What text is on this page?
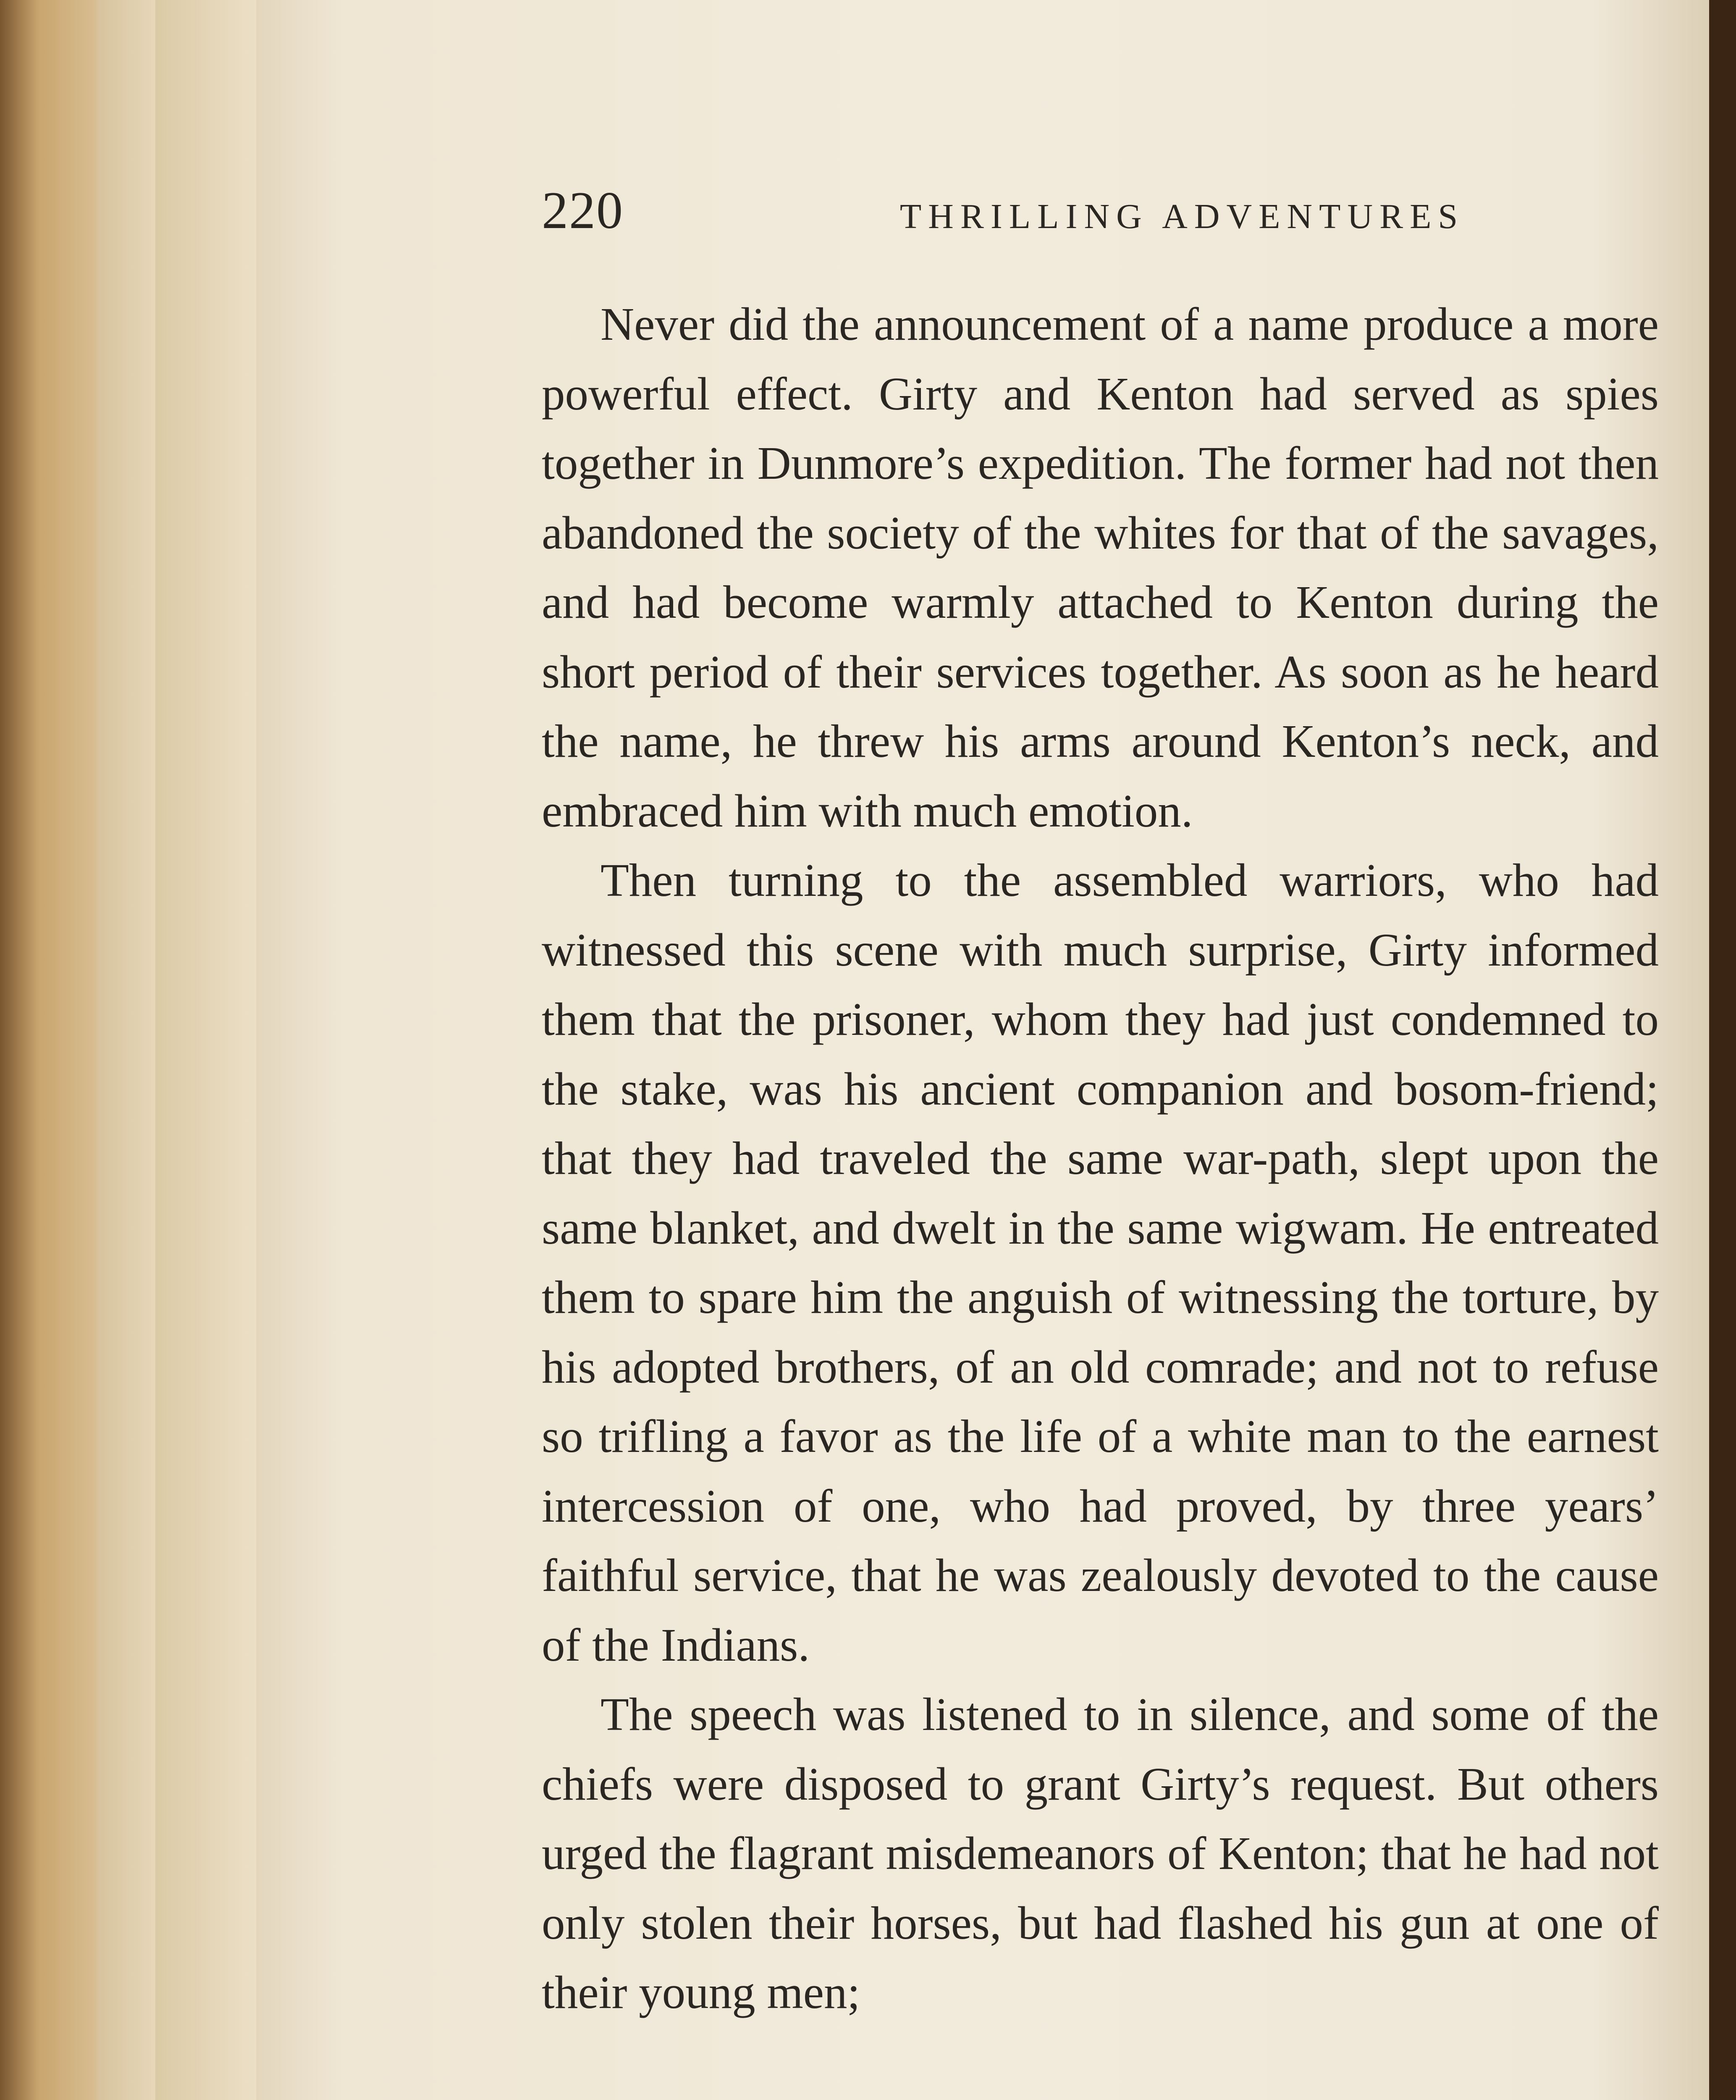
220	THRILLING ADVENTURES

Never did the announcement of a name produce a more powerful effect. Girty and Kenton had served as spies together in Dunmore’s expedition. The former had not then abandoned the society of the whites for that of the savages, and had become warmly attached to Kenton during the short period of their services together. As soon as he heard the name, he threw his arms around Kenton’s neck, and embraced him with much emotion.

Then turning to the assembled warriors, who had witnessed this scene with much surprise, Girty informed them that the prisoner, whom they had just condemned to the stake, was his ancient companion and bosom-friend; that they had traveled the same war-path, slept upon the same blanket, and dwelt in the same wigwam. He entreated them to spare him the anguish of witnessing the torture, by his adopted brothers, of an old comrade; and not to refuse so trifling a favor as the life of a white man to the earnest intercession of one, who had proved, by three years’ faithful service, that he was zealously devoted to the cause of the Indians.

The speech was listened to in silence, and some of the chiefs were disposed to grant Girty’s request. But others urged the flagrant misdemeanors of Kenton; that he had not only stolen their horses, but had flashed his gun at one of their young men;
